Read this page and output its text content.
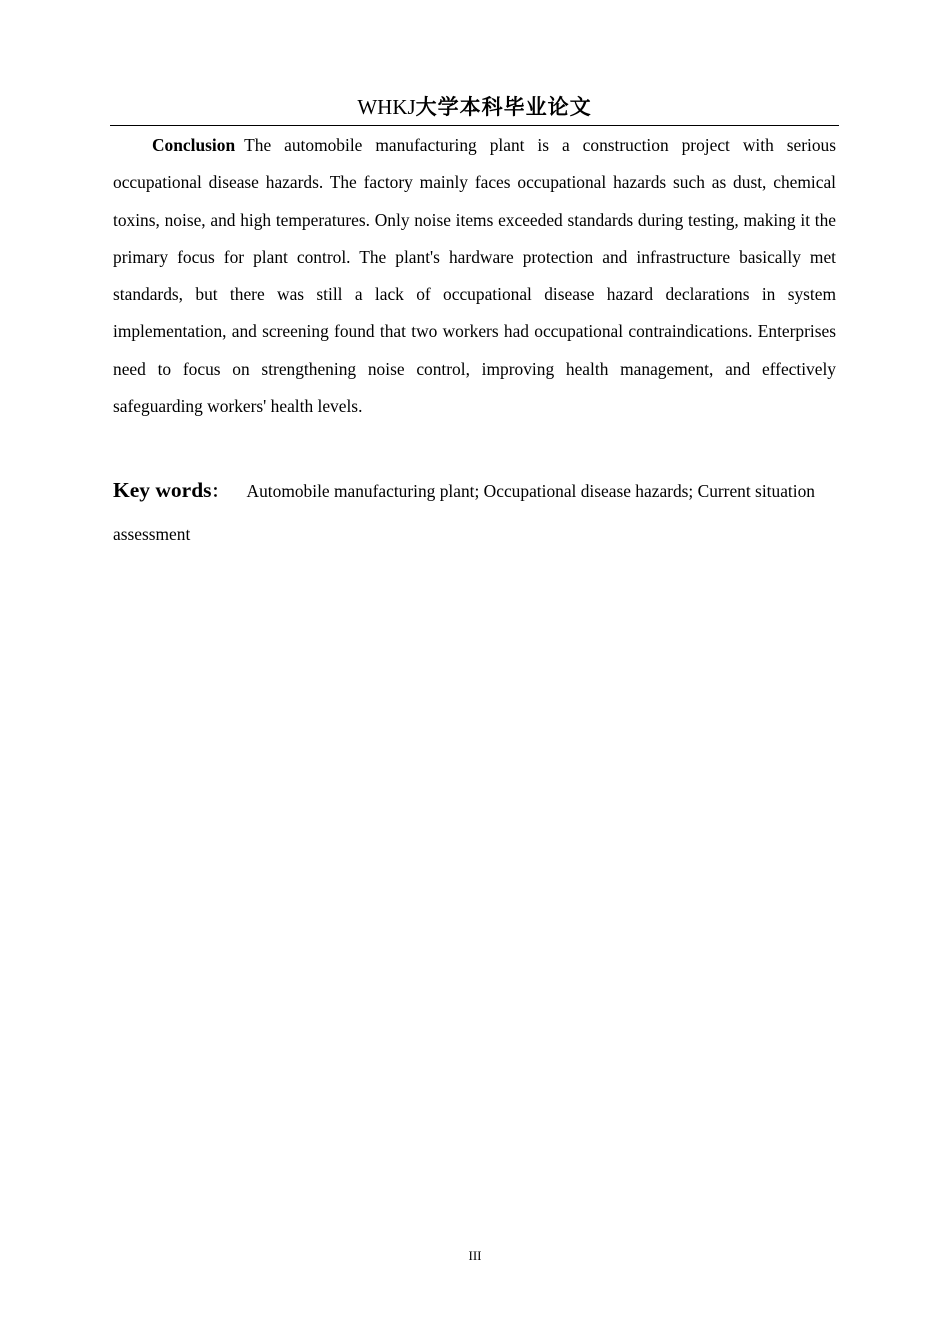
WHKJ大学本科毕业论文

Conclusion The automobile manufacturing plant is a construction project with serious occupational disease hazards. The factory mainly faces occupational hazards such as dust, chemical toxins, noise, and high temperatures. Only noise items exceeded standards during testing, making it the primary focus for plant control. The plant's hardware protection and infrastructure basically met standards, but there was still a lack of occupational disease hazard declarations in system implementation, and screening found that two workers had occupational contraindications. Enterprises need to focus on strengthening noise control, improving health management, and effectively safeguarding workers' health levels.

Key words： Automobile manufacturing plant; Occupational disease hazards; Current situation assessment

III
